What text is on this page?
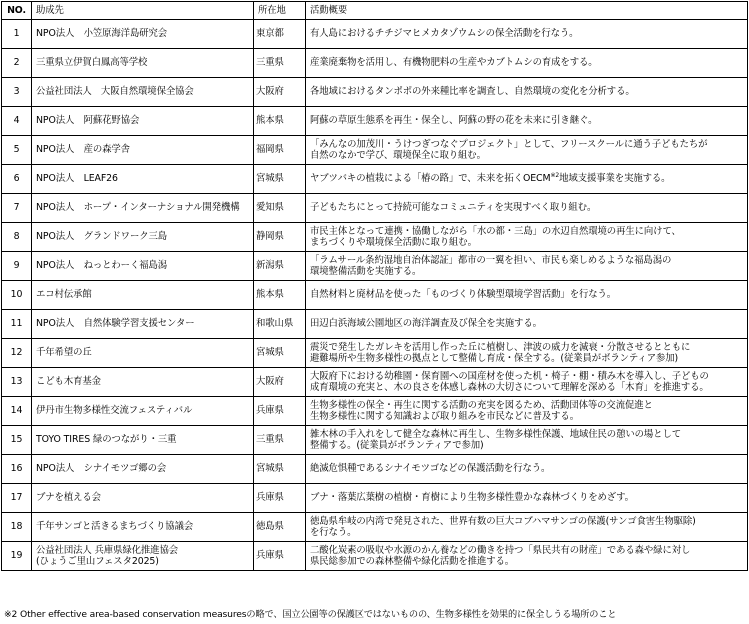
NO.	助成先	所在地	活動概要
1	NPO法人　小笠原海洋島研究会	東京都	有人島におけるチチジマヒメカタゾウムシの保全活動を行なう。

2	三重県立伊賀白鳳高等学校	三重県	産業廃棄物を活用し、有機物肥料の生産やカブトムシの育成をする。

3	公益社団法人　大阪自然環境保全協会	大阪府	各地域におけるタンポポの外来種比率を調査し、自然環境の変化を分析する。

4	NPO法人　阿蘇花野協会	熊本県	阿蘇の草原生態系を再生・保全し、阿蘇の野の花を未来に引き継ぐ。

5	NPO法人　産の森学舎	福岡県	「みんなの加茂川・うけつぎつなぐプロジェクト」として、フリースクールに通う子どもたちが
自然のなかで学び、環境保全に取り組む。

6	NPO法人　LEAF26	宮城県	ヤブツバキの植栽による「椿の路」で、未来を拓くOECM$^{※2}$地域支援事業を実施する。

7	NPO法人　ホープ・インターナショナル開発機構	愛知県	子どもたちにとって持続可能なコミュニティを実現すべく取り組む。

8	NPO法人　グランドワーク三島	静岡県	市民主体となって連携・協働しながら「水の都・三島」の水辺自然環境の再生に向けて、
まちづくりや環境保全活動に取り組む。

9	NPO法人　ねっとわーく福島潟	新潟県	「ラムサール条約湿地自治体認証」都市の一翼を担い、市民も楽しめるような福島潟の
環境整備活動を実施する。

10	エコ村伝承館	熊本県	自然材料と廃材品を使った「ものづくり体験型環境学習活動」を行なう。

11	NPO法人　自然体験学習支援センター	和歌山県	田辺白浜海域公園地区の海洋調査及び保全を実施する。

12	千年希望の丘	宮城県	震災で発生したガレキを活用し作った丘に植樹し、津波の威力を減衰・分散させるとともに
避難場所や生物多様性の拠点として整備し育成・保全する。(従業員がボランティア参加)

13	こども木育基金	大阪府	大阪府下における幼稚園・保育園への国産材を使った机・椅子・棚・積み木を導入し、子どもの
成育環境の充実と、木の良さを体感し森林の大切さについて理解を深める「木育」を推進する。

14	伊丹市生物多様性交流フェスティバル	兵庫県	生物多様性の保全・再生に関する活動の充実を図るため、活動団体等の交流促進と
生物多様性に関する知識および取り組みを市民などに普及する。

15	TOYO TIRES 緑のつながり・三重	三重県	雑木林の手入れをして健全な森林に再生し、生物多様性保護、地域住民の憩いの場として
整備する。(従業員がボランティアで参加)

16	NPO法人　シナイモツゴ郷の会	宮城県	絶滅危惧種であるシナイモツゴなどの保護活動を行なう。

17	ブナを植える会	兵庫県	ブナ・落葉広葉樹の植樹・育樹により生物多様性豊かな森林づくりをめざす。

18	千年サンゴと活きるまちづくり協議会	徳島県	徳島県牟岐の内湾で発見された、世界有数の巨大コブハマサンゴの保護(サンゴ食害生物駆除)
を行なう。

19	公益社団法人 兵庫県緑化推進協会
(ひょうご里山フェスタ2025)	兵庫県	二酸化炭素の吸収や水源のかん養などの働きを持つ「県民共有の財産」である森や緑に対し
県民総参加での森林整備や緑化活動を推進する。
※2 Other effective area-based conservation measuresの略で、国立公園等の保護区ではないものの、生物多様性を効果的に保全しうる場所のこと
